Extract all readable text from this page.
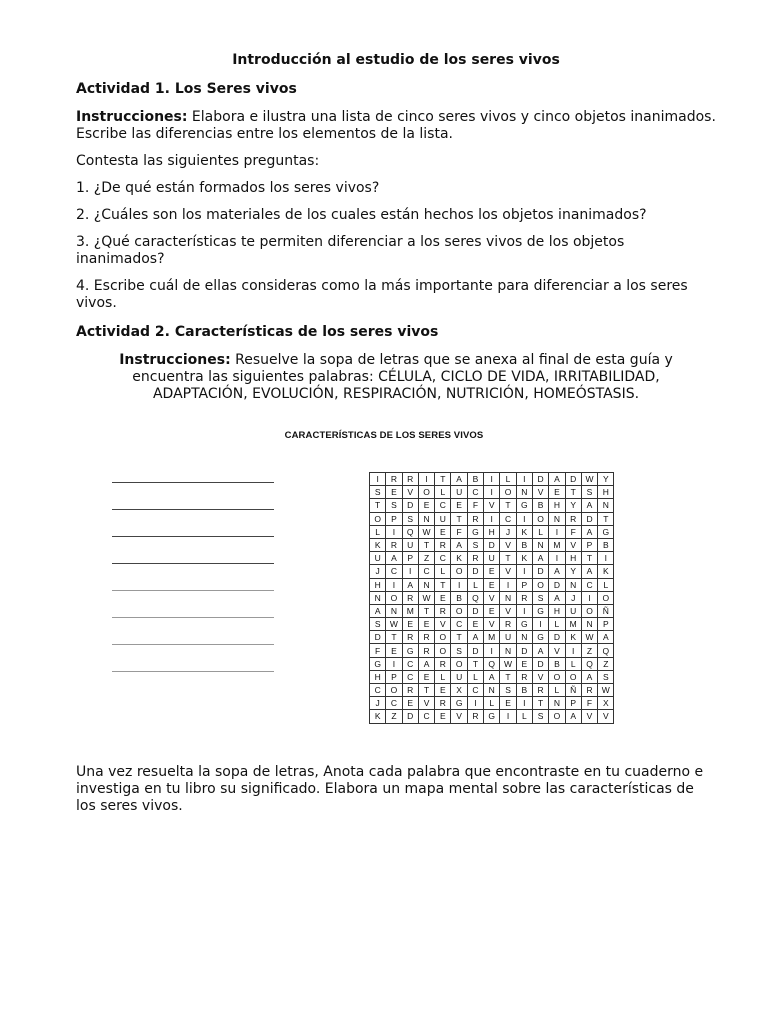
Introducción al estudio de los seres vivos
Actividad 1. Los Seres vivos

Instrucciones: Elabora e ilustra una lista de cinco seres vivos y cinco objetos inanimados. Escribe las diferencias entre los elementos de la lista.

Contesta las siguientes preguntas:

1. ¿De qué están formados los seres vivos?

2. ¿Cuáles son los materiales de los cuales están hechos los objetos inanimados?

3. ¿Qué características te permiten diferenciar a los seres vivos de los objetos inanimados?

4. Escribe cuál de ellas consideras como la más importante para diferenciar a los seres vivos.

Actividad 2. Características de los seres vivos

Instrucciones: Resuelve la sopa de letras que se anexa al final de esta guía y encuentra las siguientes palabras: CÉLULA, CICLO DE VIDA, IRRITABILIDAD, ADAPTACIÓN, EVOLUCIÓN, RESPIRACIÓN, NUTRICIÓN, HOMEÓSTASIS.

CARACTERÍSTICAS DE LOS SERES VIVOS
I	R	R	I	T	A	B	I	L	I	D	A	D	W	Y
S	E	V	O	L	U	C	I	O	N	V	E	T	S	H
T	S	D	E	C	E	F	V	T	G	B	H	Y	A	N
O	P	S	N	U	T	R	I	C	I	O	N	R	D	T
L	I	Q	W	E	F	G	H	J	K	L	I	F	A	G
K	R	U	T	R	A	S	D	V	B	N	M	V	P	B
U	A	P	Z	C	K	R	U	T	K	A	I	H	T	I
J	C	I	C	L	O	D	E	V	I	D	A	Y	A	K
H	I	A	N	T	I	L	E	I	P	O	D	N	C	L
N	O	R	W	E	B	Q	V	N	R	S	A	J	I	O
A	N	M	T	R	O	D	E	V	I	G	H	U	O	Ñ
S	W	E	E	V	C	E	V	R	G	I	L	M	N	P
D	T	R	R	O	T	A	M	U	N	G	D	K	W	A
F	E	G	R	O	S	D	I	N	D	A	V	I	Z	Q
G	I	C	A	R	O	T	Q	W	E	D	B	L	Q	Z
H	P	C	E	L	U	L	A	T	R	V	O	O	A	S
C	O	R	T	E	X	C	N	S	B	R	L	Ñ	R	W
J	C	E	V	R	G	I	L	E	I	T	N	P	F	X
K	Z	D	C	E	V	R	G	I	L	S	O	A	V	V

Una vez resuelta la sopa de letras, Anota cada palabra que encontraste en tu cuaderno e investiga en tu libro su significado. Elabora un mapa mental sobre las características de los seres vivos.
